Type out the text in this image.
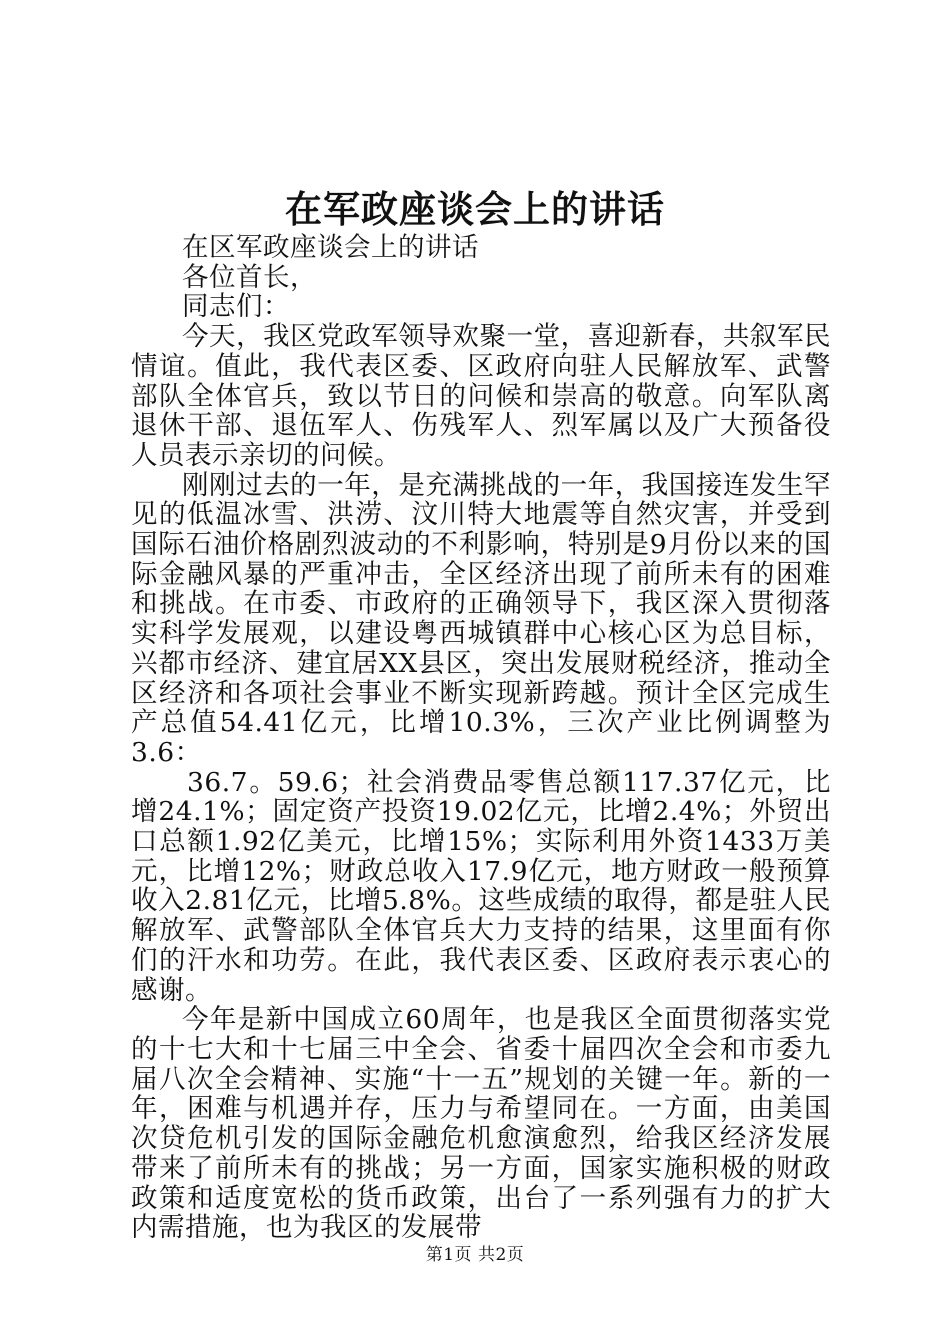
在军政座谈会上的讲话

在区军政座谈会上的讲话

各位首长，

同志们：

今天，我区党政军领导欢聚一堂，喜迎新春，共叙军民情谊。值此，我代表区委、区政府向驻人民解放军、武警部队全体官兵，致以节日的问候和崇高的敬意。向军队离退休干部、退伍军人、伤残军人、烈军属以及广大预备役人员表示亲切的问候。

刚刚过去的一年，是充满挑战的一年，我国接连发生罕见的低温冰雪、洪涝、汶川特大地震等自然灾害，并受到国际石油价格剧烈波动的不利影响，特别是9月份以来的国际金融风暴的严重冲击，全区经济出现了前所未有的困难和挑战。在市委、市政府的正确领导下，我区深入贯彻落实科学发展观，以建设粤西城镇群中心核心区为总目标，兴都市经济、建宜居XX县区，突出发展财税经济，推动全区经济和各项社会事业不断实现新跨越。预计全区完成生产总值54.41亿元，比增10.3%，三次产业比例调整为3.6：

36.7。59.6；社会消费品零售总额117.37亿元，比增24.1%；固定资产投资19.02亿元，比增2.4%；外贸出口总额1.92亿美元，比增15%；实际利用外资1433万美元，比增12%；财政总收入17.9亿元，地方财政一般预算收入2.81亿元，比增5.8%。这些成绩的取得，都是驻人民解放军、武警部队全体官兵大力支持的结果，这里面有你们的汗水和功劳。在此，我代表区委、区政府表示衷心的感谢。

今年是新中国成立60周年，也是我区全面贯彻落实党的十七大和十七届三中全会、省委十届四次全会和市委九届八次全会精神、实施“十一五”规划的关键一年。新的一年，困难与机遇并存，压力与希望同在。一方面，由美国次贷危机引发的国际金融危机愈演愈烈，给我区经济发展带来了前所未有的挑战；另一方面，国家实施积极的财政政策和适度宽松的货币政策，出台了一系列强有力的扩大内需措施，也为我区的发展带

第1页 共2页
